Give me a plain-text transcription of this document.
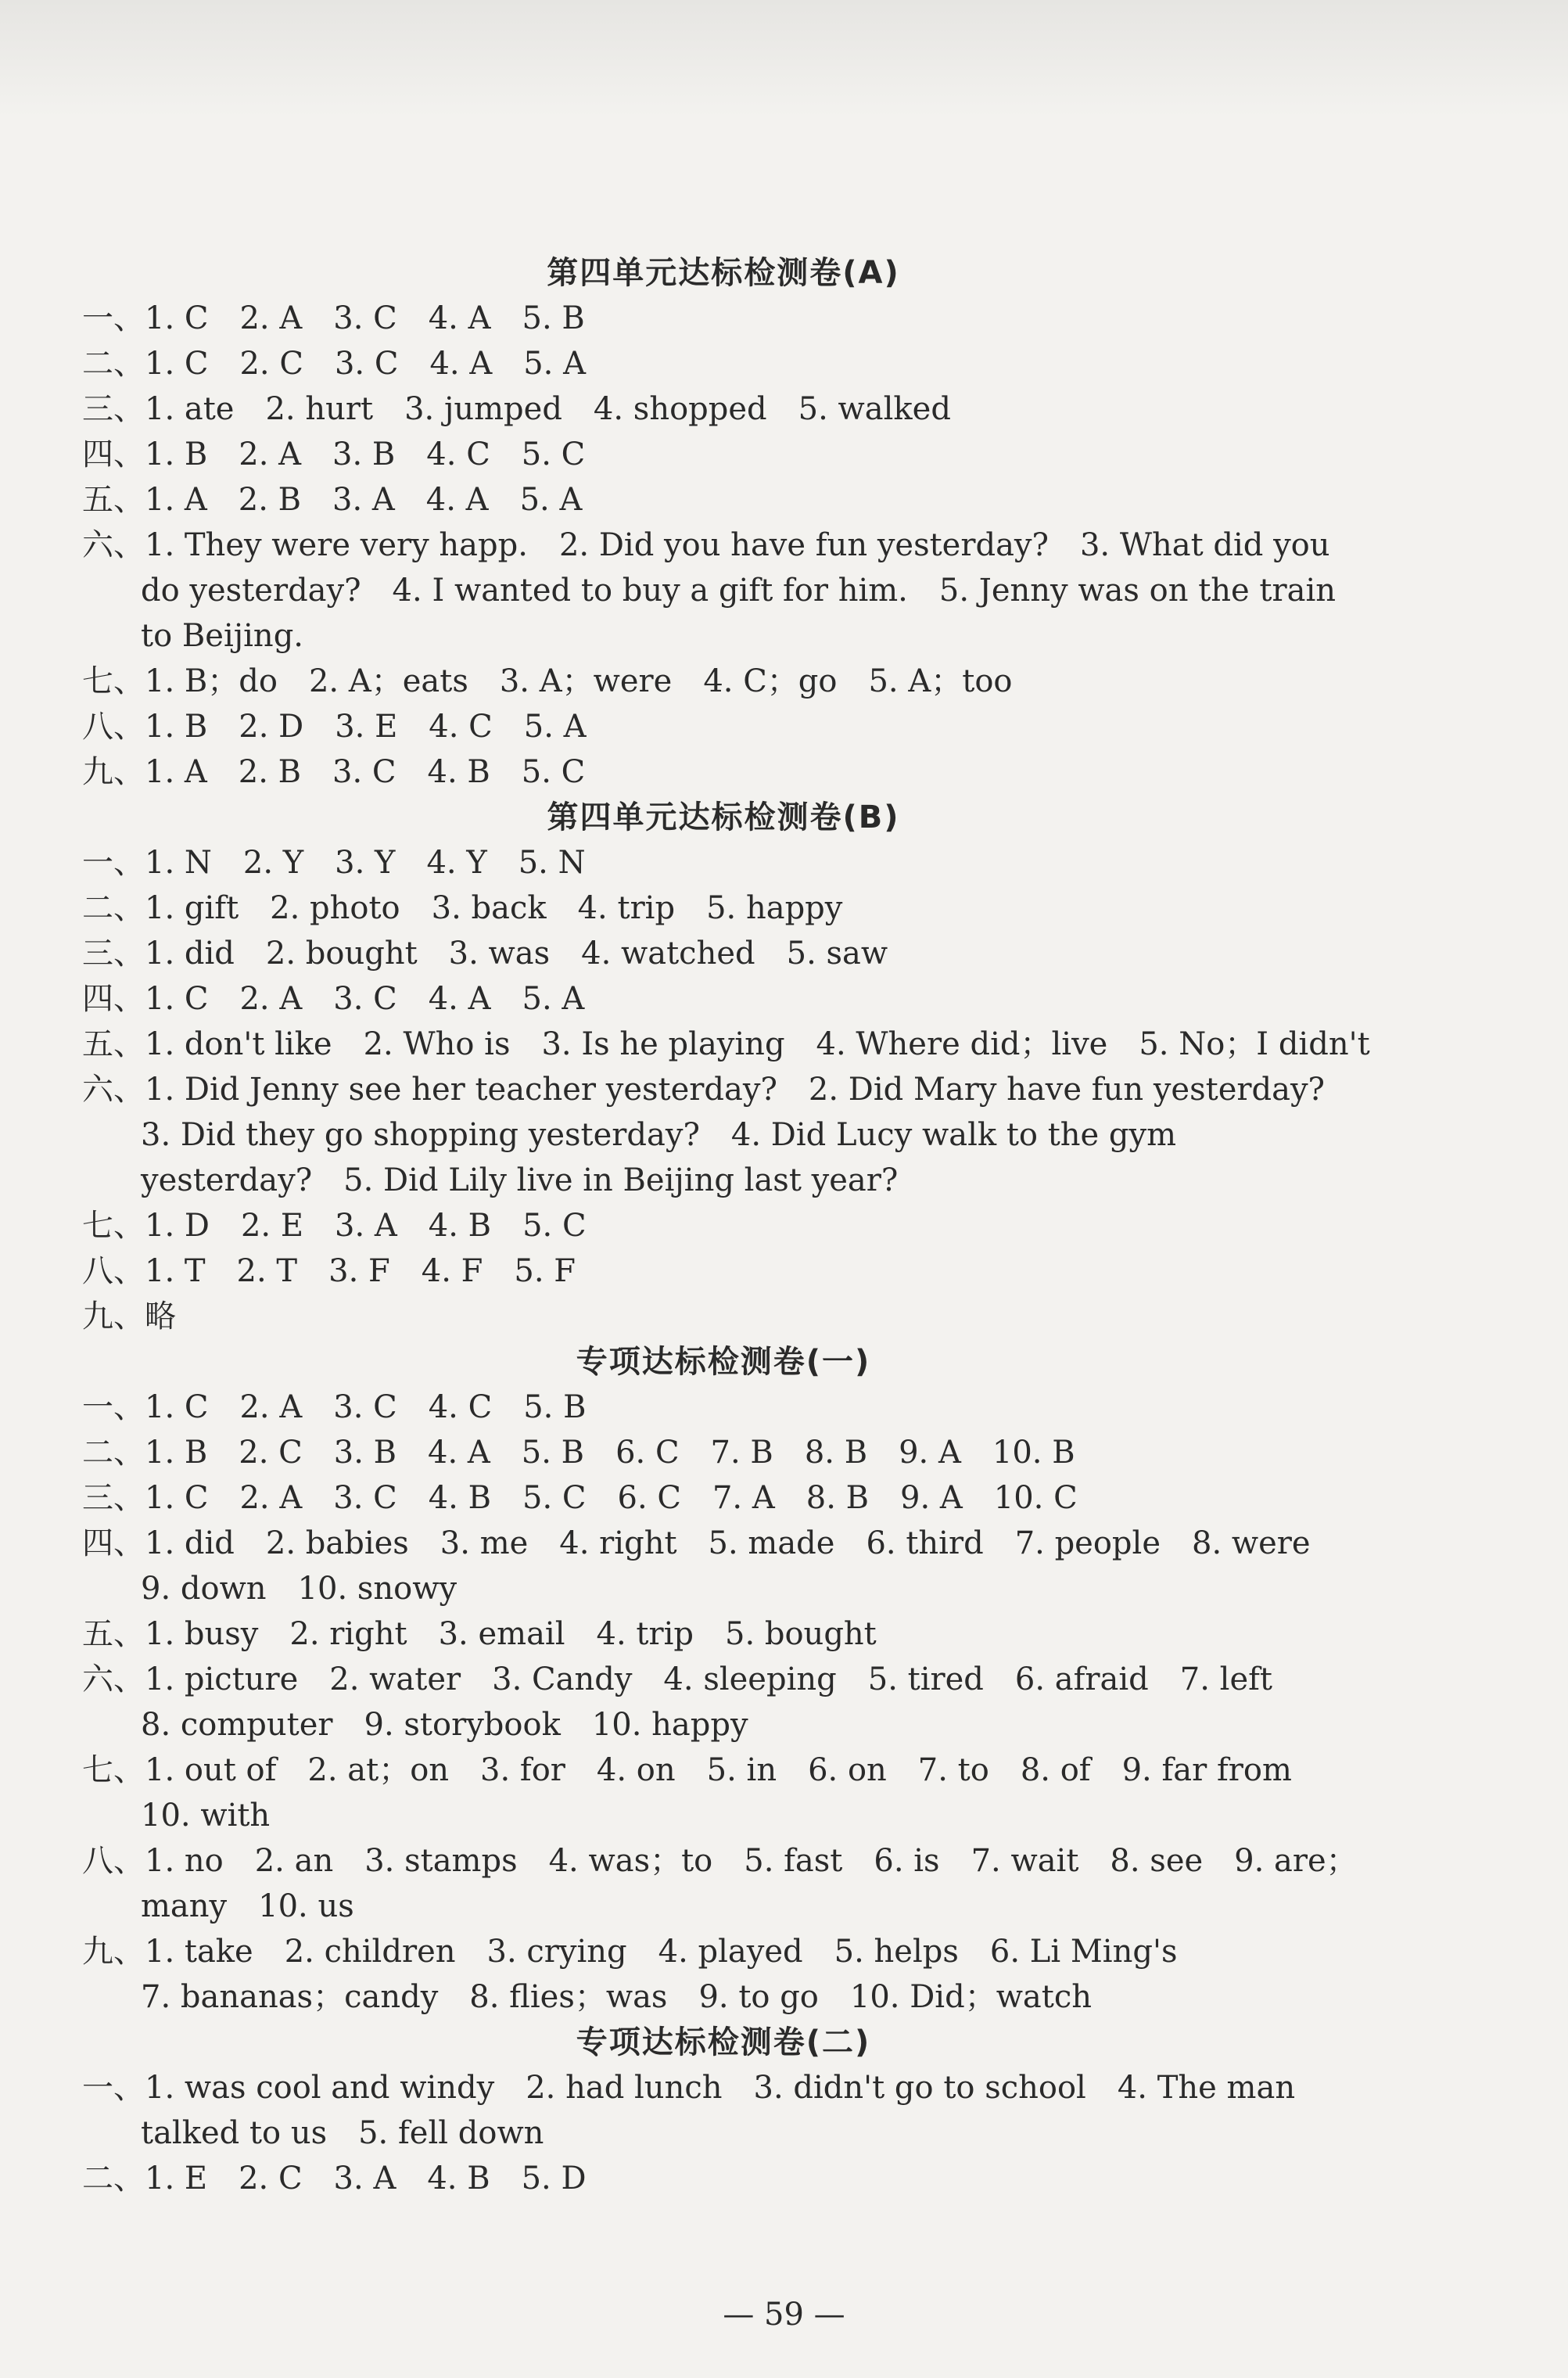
第四单元达标检测卷(A)
一、1. C　2. A　3. C　4. A　5. B
二、1. C　2. C　3. C　4. A　5. A
三、1. ate　2. hurt　3. jumped　4. shopped　5. walked
四、1. B　2. A　3. B　4. C　5. C
五、1. A　2. B　3. A　4. A　5. A
六、1. They were very happ.　2. Did you have fun yesterday?　3. What did you
do yesterday?　4. I wanted to buy a gift for him.　5. Jenny was on the train
to Beijing.
七、1. B；do　2. A；eats　3. A；were　4. C；go　5. A；too
八、1. B　2. D　3. E　4. C　5. A
九、1. A　2. B　3. C　4. B　5. C
第四单元达标检测卷(B)
一、1. N　2. Y　3. Y　4. Y　5. N
二、1. gift　2. photo　3. back　4. trip　5. happy
三、1. did　2. bought　3. was　4. watched　5. saw
四、1. C　2. A　3. C　4. A　5. A
五、1. don't like　2. Who is　3. Is he playing　4. Where did；live　5. No；I didn't
六、1. Did Jenny see her teacher yesterday?　2. Did Mary have fun yesterday?
3. Did they go shopping yesterday?　4. Did Lucy walk to the gym
yesterday?　5. Did Lily live in Beijing last year?
七、1. D　2. E　3. A　4. B　5. C
八、1. T　2. T　3. F　4. F　5. F
九、略
专项达标检测卷(一)
一、1. C　2. A　3. C　4. C　5. B
二、1. B　2. C　3. B　4. A　5. B　6. C　7. B　8. B　9. A　10. B
三、1. C　2. A　3. C　4. B　5. C　6. C　7. A　8. B　9. A　10. C
四、1. did　2. babies　3. me　4. right　5. made　6. third　7. people　8. were
9. down　10. snowy
五、1. busy　2. right　3. email　4. trip　5. bought
六、1. picture　2. water　3. Candy　4. sleeping　5. tired　6. afraid　7. left
8. computer　9. storybook　10. happy
七、1. out of　2. at；on　3. for　4. on　5. in　6. on　7. to　8. of　9. far from
10. with
八、1. no　2. an　3. stamps　4. was；to　5. fast　6. is　7. wait　8. see　9. are；
many　10. us
九、1. take　2. children　3. crying　4. played　5. helps　6. Li Ming's
7. bananas；candy　8. flies；was　9. to go　10. Did；watch
专项达标检测卷(二)
一、1. was cool and windy　2. had lunch　3. didn't go to school　4. The man
talked to us　5. fell down
二、1. E　2. C　3. A　4. B　5. D
— 59 —
